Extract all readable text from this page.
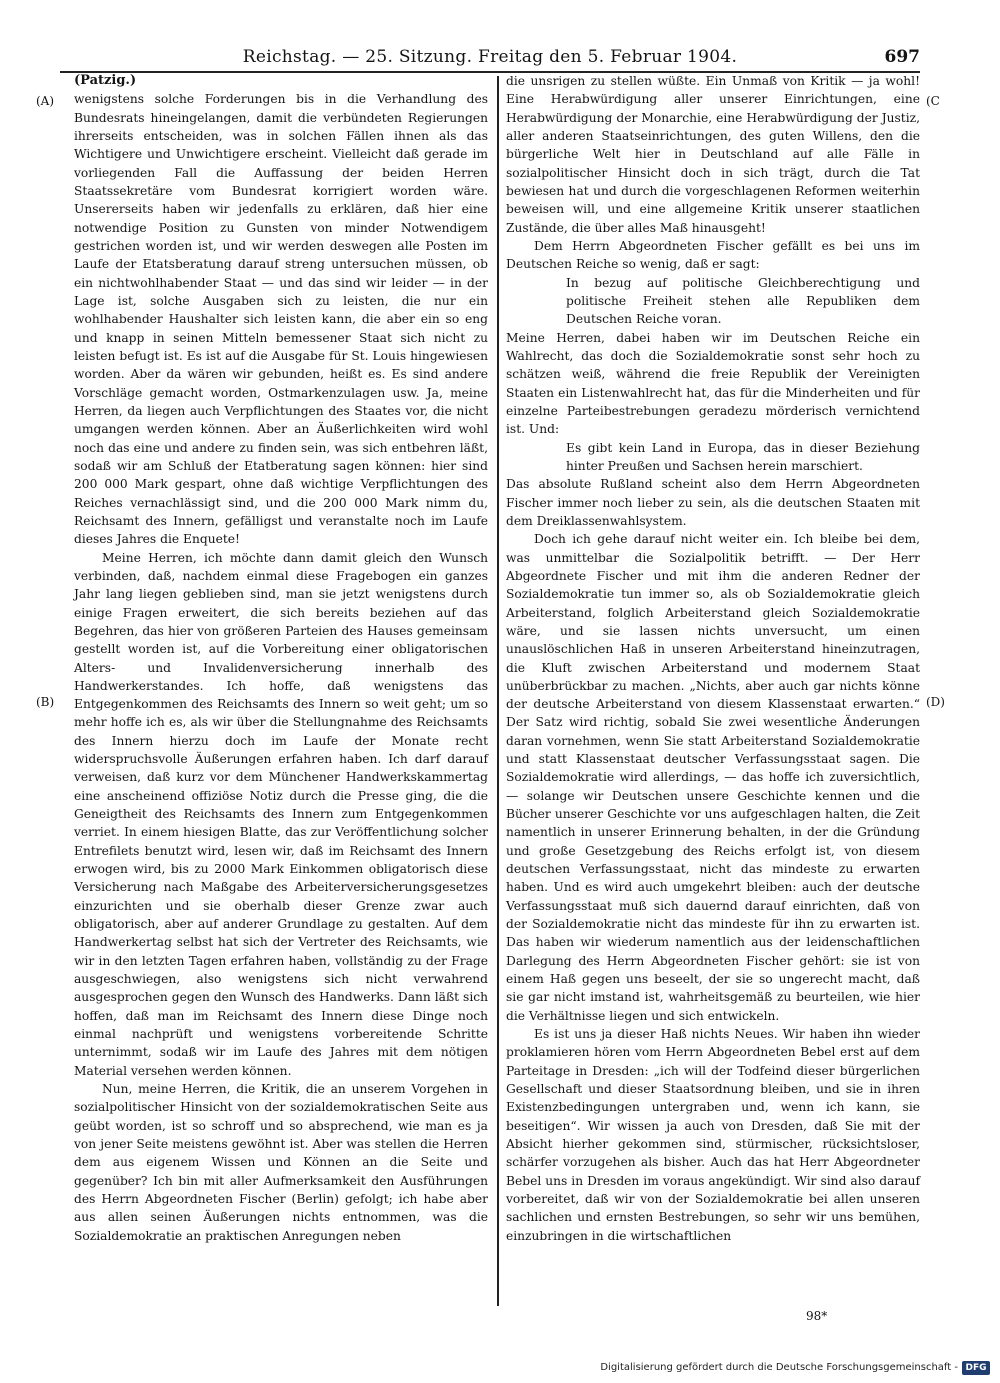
Reichstag. — 25. Sitzung. Freitag den 5. Februar 1904.	697
(A)
(B)
(C
(D)

(Patzig.)

wenigstens solche Forderungen bis in die Verhandlung des Bundesrats hineingelangen, damit die verbündeten Regierungen ihrerseits entscheiden, was in solchen Fällen ihnen als das Wichtigere und Unwichtigere erscheint. Vielleicht daß gerade im vorliegenden Fall die Auffassung der beiden Herren Staatssekretäre vom Bundesrat korrigiert worden wäre. Unsererseits haben wir jedenfalls zu erklären, daß hier eine notwendige Position zu Gunsten von minder Notwendigem gestrichen worden ist, und wir werden deswegen alle Posten im Laufe der Etatsberatung darauf streng untersuchen müssen, ob ein nichtwohlhabender Staat — und das sind wir leider — in der Lage ist, solche Ausgaben sich zu leisten, die nur ein wohlhabender Haushalter sich leisten kann, die aber ein so eng und knapp in seinen Mitteln bemessener Staat sich nicht zu leisten befugt ist. Es ist auf die Ausgabe für St. Louis hingewiesen worden. Aber da wären wir gebunden, heißt es. Es sind andere Vorschläge gemacht worden, Ostmarkenzulagen usw. Ja, meine Herren, da liegen auch Verpflichtungen des Staates vor, die nicht umgangen werden können. Aber an Äußerlichkeiten wird wohl noch das eine und andere zu finden sein, was sich entbehren läßt, sodaß wir am Schluß der Etatberatung sagen können: hier sind 200 000 Mark gespart, ohne daß wichtige Verpflichtungen des Reiches vernachlässigt sind, und die 200 000 Mark nimm du, Reichsamt des Innern, gefälligst und veranstalte noch im Laufe dieses Jahres die Enquete!

Meine Herren, ich möchte dann damit gleich den Wunsch verbinden, daß, nachdem einmal diese Fragebogen ein ganzes Jahr lang liegen geblieben sind, man sie jetzt wenigstens durch einige Fragen erweitert, die sich bereits beziehen auf das Begehren, das hier von größeren Parteien des Hauses gemeinsam gestellt worden ist, auf die Vorbereitung einer obligatorischen Alters- und Invalidenversicherung innerhalb des Handwerkerstandes. Ich hoffe, daß wenigstens das Entgegenkommen des Reichsamts des Innern so weit geht; um so mehr hoffe ich es, als wir über die Stellungnahme des Reichsamts des Innern hierzu doch im Laufe der Monate recht widerspruchsvolle Äußerungen erfahren haben. Ich darf darauf verweisen, daß kurz vor dem Münchener Handwerkskammertag eine anscheinend offiziöse Notiz durch die Presse ging, die die Geneigtheit des Reichsamts des Innern zum Entgegenkommen verriet. In einem hiesigen Blatte, das zur Veröffentlichung solcher Entrefilets benutzt wird, lesen wir, daß im Reichsamt des Innern erwogen wird, bis zu 2000 Mark Einkommen obligatorisch diese Versicherung nach Maßgabe des Arbeiterversicherungsgesetzes einzurichten und sie oberhalb dieser Grenze zwar auch obligatorisch, aber auf anderer Grundlage zu gestalten. Auf dem Handwerkertag selbst hat sich der Vertreter des Reichsamts, wie wir in den letzten Tagen erfahren haben, vollständig zu der Frage ausgeschwiegen, also wenigstens sich nicht verwahrend ausgesprochen gegen den Wunsch des Handwerks. Dann läßt sich hoffen, daß man im Reichsamt des Innern diese Dinge noch einmal nachprüft und wenigstens vorbereitende Schritte unternimmt, sodaß wir im Laufe des Jahres mit dem nötigen Material versehen werden können.

Nun, meine Herren, die Kritik, die an unserem Vorgehen in sozialpolitischer Hinsicht von der sozialdemokratischen Seite aus geübt worden, ist so schroff und so absprechend, wie man es ja von jener Seite meistens gewöhnt ist. Aber was stellen die Herren dem aus eigenem Wissen und Können an die Seite und gegenüber? Ich bin mit aller Aufmerksamkeit den Ausführungen des Herrn Abgeordneten Fischer (Berlin) gefolgt; ich habe aber aus allen seinen Äußerungen nichts entnommen, was die Sozialdemokratie an praktischen Anregungen neben

die unsrigen zu stellen wüßte. Ein Unmaß von Kritik — ja wohl! Eine Herabwürdigung aller unserer Einrichtungen, eine Herabwürdigung der Monarchie, eine Herabwürdigung der Justiz, aller anderen Staatseinrichtungen, des guten Willens, den die bürgerliche Welt hier in Deutschland auf alle Fälle in sozialpolitischer Hinsicht doch in sich trägt, durch die Tat bewiesen hat und durch die vorgeschlagenen Reformen weiterhin beweisen will, und eine allgemeine Kritik unserer staatlichen Zustände, die über alles Maß hinausgeht!

Dem Herrn Abgeordneten Fischer gefällt es bei uns im Deutschen Reiche so wenig, daß er sagt:

In bezug auf politische Gleichberechtigung und politische Freiheit stehen alle Republiken dem Deutschen Reiche voran.

Meine Herren, dabei haben wir im Deutschen Reiche ein Wahlrecht, das doch die Sozialdemokratie sonst sehr hoch zu schätzen weiß, während die freie Republik der Vereinigten Staaten ein Listenwahlrecht hat, das für die Minderheiten und für einzelne Parteibestrebungen geradezu mörderisch vernichtend ist. Und:

Es gibt kein Land in Europa, das in dieser Beziehung hinter Preußen und Sachsen herein marschiert.

Das absolute Rußland scheint also dem Herrn Abgeordneten Fischer immer noch lieber zu sein, als die deutschen Staaten mit dem Dreiklassenwahlsystem.

Doch ich gehe darauf nicht weiter ein. Ich bleibe bei dem, was unmittelbar die Sozialpolitik betrifft. — Der Herr Abgeordnete Fischer und mit ihm die anderen Redner der Sozialdemokratie tun immer so, als ob Sozialdemokratie gleich Arbeiterstand, folglich Arbeiterstand gleich Sozialdemokratie wäre, und sie lassen nichts unversucht, um einen unauslöschlichen Haß in unseren Arbeiterstand hineinzutragen, die Kluft zwischen Arbeiterstand und modernem Staat unüberbrückbar zu machen. „Nichts, aber auch gar nichts könne der deutsche Arbeiterstand von diesem Klassenstaat erwarten.“ Der Satz wird richtig, sobald Sie zwei wesentliche Änderungen daran vornehmen, wenn Sie statt Arbeiterstand Sozialdemokratie und statt Klassenstaat deutscher Verfassungsstaat sagen. Die Sozialdemokratie wird allerdings, — das hoffe ich zuversichtlich, — solange wir Deutschen unsere Geschichte kennen und die Bücher unserer Geschichte vor uns aufgeschlagen halten, die Zeit namentlich in unserer Erinnerung behalten, in der die Gründung und große Gesetzgebung des Reichs erfolgt ist, von diesem deutschen Verfassungsstaat, nicht das mindeste zu erwarten haben. Und es wird auch umgekehrt bleiben: auch der deutsche Verfassungsstaat muß sich dauernd darauf einrichten, daß von der Sozialdemokratie nicht das mindeste für ihn zu erwarten ist. Das haben wir wiederum namentlich aus der leidenschaftlichen Darlegung des Herrn Abgeordneten Fischer gehört: sie ist von einem Haß gegen uns beseelt, der sie so ungerecht macht, daß sie gar nicht imstand ist, wahrheitsgemäß zu beurteilen, wie hier die Verhältnisse liegen und sich entwickeln.

Es ist uns ja dieser Haß nichts Neues. Wir haben ihn wieder proklamieren hören vom Herrn Abgeordneten Bebel erst auf dem Parteitage in Dresden: „ich will der Todfeind dieser bürgerlichen Gesellschaft und dieser Staatsordnung bleiben, und sie in ihren Existenzbedingungen untergraben und, wenn ich kann, sie beseitigen“. Wir wissen ja auch von Dresden, daß Sie mit der Absicht hierher gekommen sind, stürmischer, rücksichtsloser, schärfer vorzugehen als bisher. Auch das hat Herr Abgeordneter Bebel uns in Dresden im voraus angekündigt. Wir sind also darauf vorbereitet, daß wir von der Sozialdemokratie bei allen unseren sachlichen und ernsten Bestrebungen, so sehr wir uns bemühen, einzubringen in die wirtschaftlichen

98*
Digitalisierung gefördert durch die Deutsche Forschungsgemeinschaft - DFG
